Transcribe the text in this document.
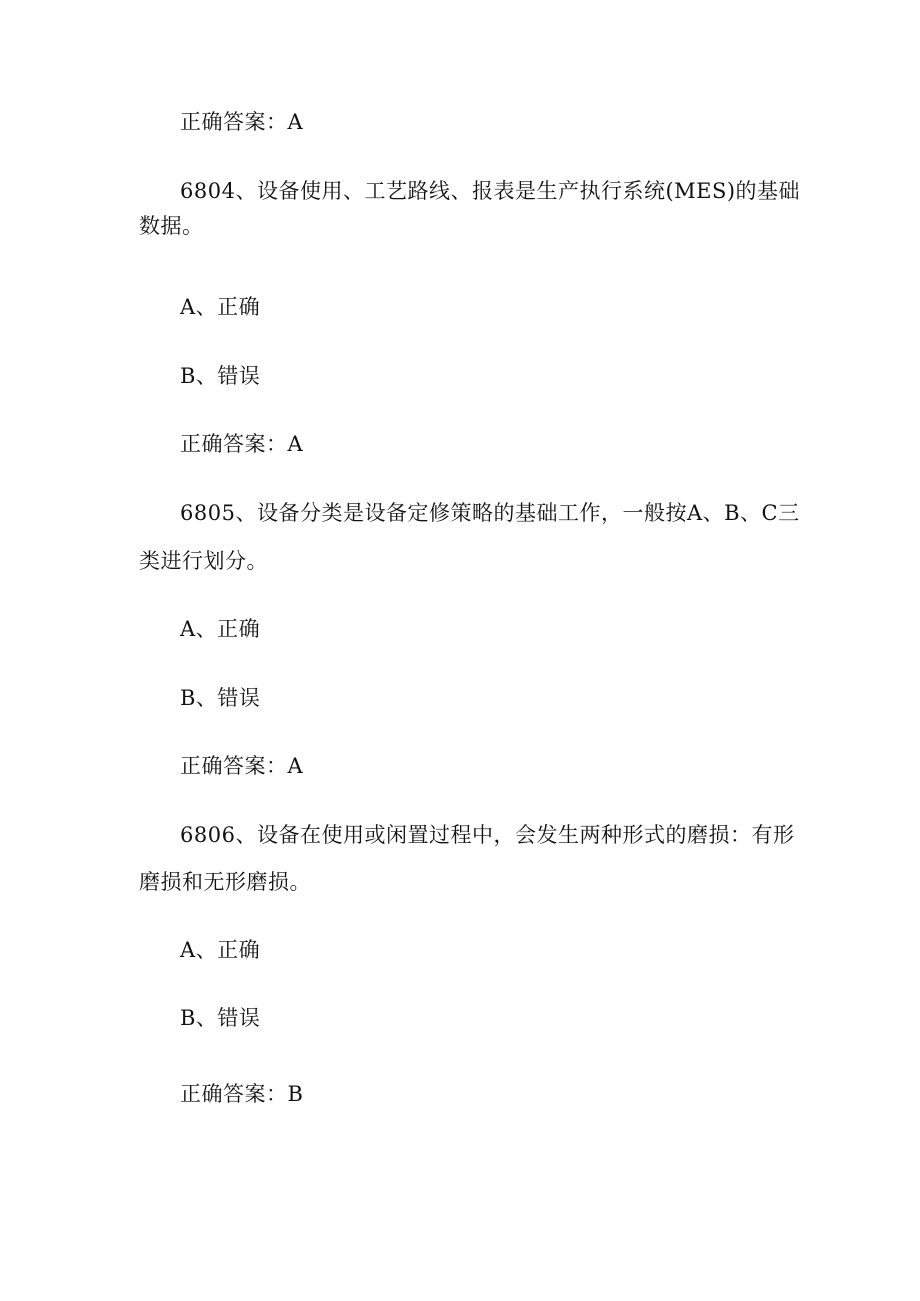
正确答案：A
6804、设备使用、工艺路线、报表是生产执行系统(MES)的基础
数据。
A、正确
B、错误
正确答案：A
6805、设备分类是设备定修策略的基础工作，一般按A、B、C三
类进行划分。
A、正确
B、错误
正确答案：A
6806、设备在使用或闲置过程中，会发生两种形式的磨损：有形
磨损和无形磨损。
A、正确
B、错误
正确答案：B
